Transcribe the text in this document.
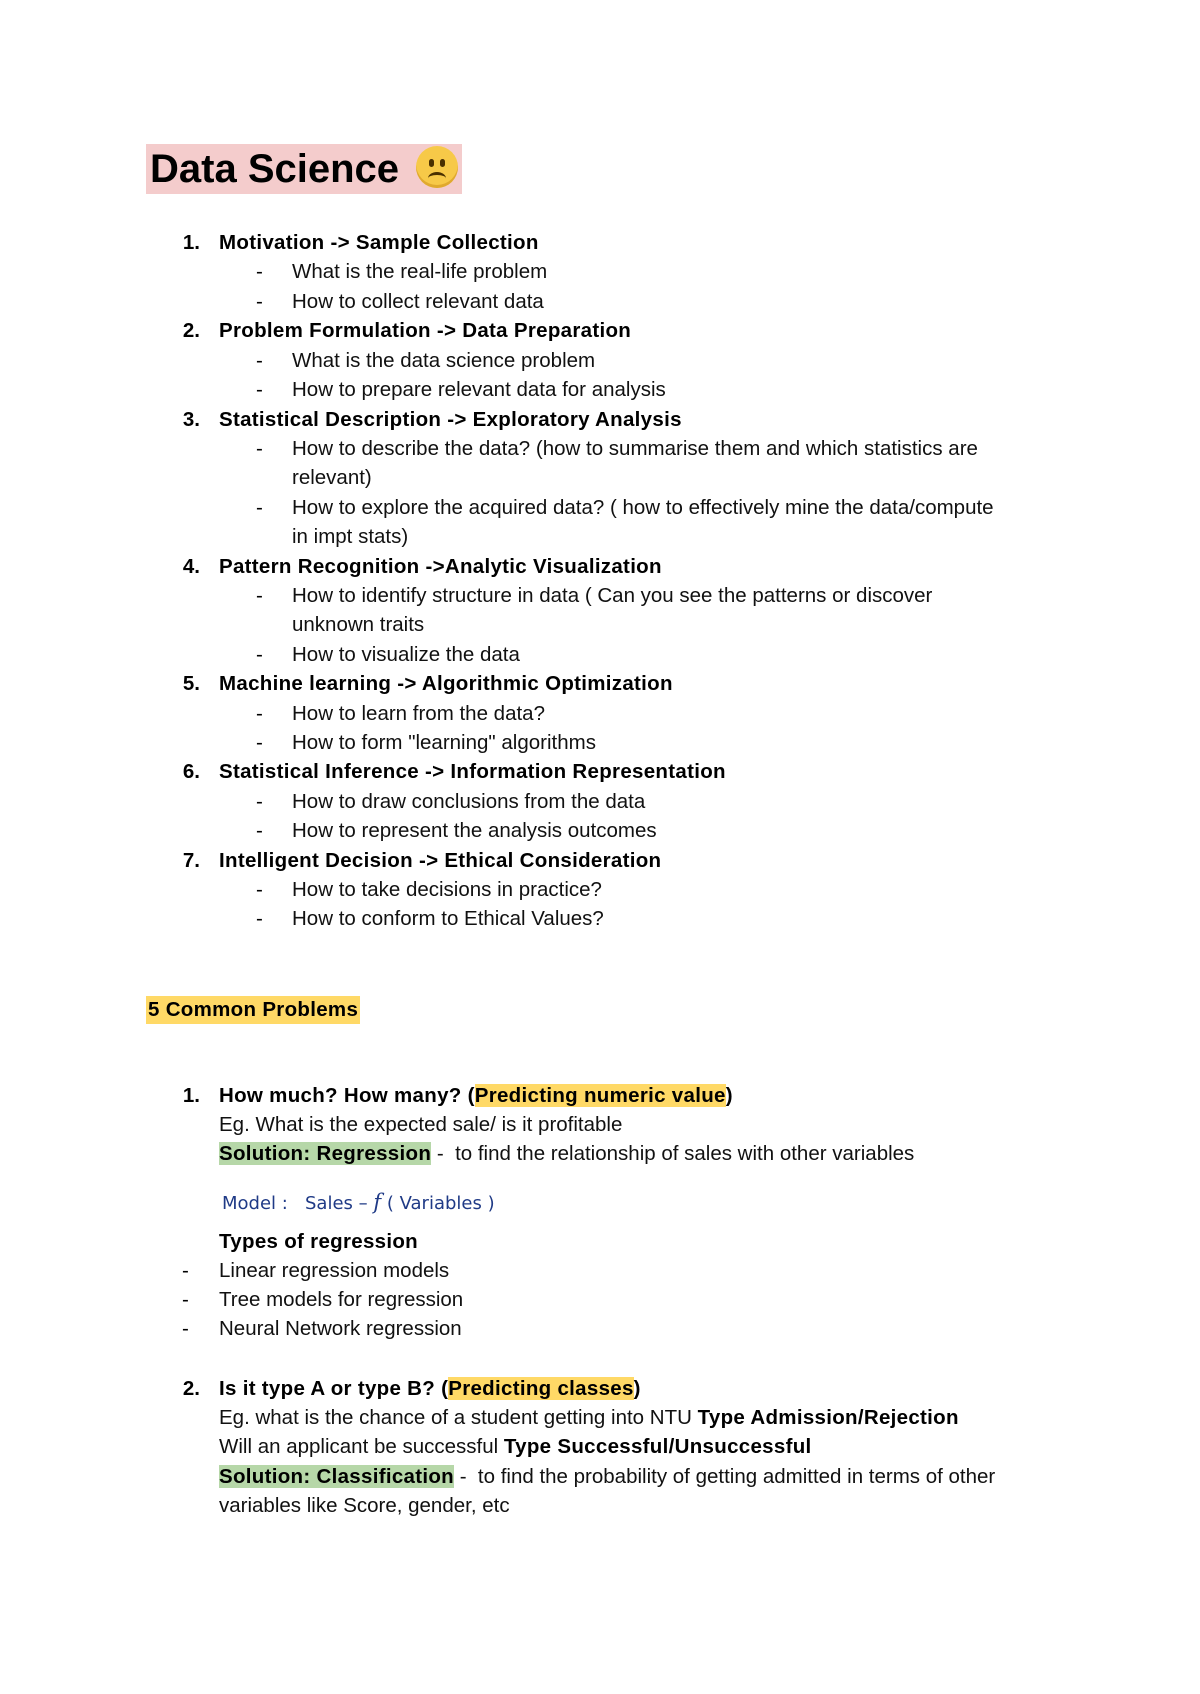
Data Science
1. Motivation -> Sample Collection
- What is the real-life problem
- How to collect relevant data
2. Problem Formulation -> Data Preparation
- What is the data science problem
- How to prepare relevant data for analysis
3. Statistical Description -> Exploratory Analysis
- How to describe the data? (how to summarise them and which statistics are
relevant)
- How to explore the acquired data? ( how to effectively mine the data/compute
in impt stats)
4. Pattern Recognition ->Analytic Visualization
- How to identify structure in data ( Can you see the patterns or discover
unknown traits
- How to visualize the data
5. Machine learning -> Algorithmic Optimization
- How to learn from the data?
- How to form "learning" algorithms
6. Statistical Inference -> Information Representation
- How to draw conclusions from the data
- How to represent the analysis outcomes
7. Intelligent Decision -> Ethical Consideration
- How to take decisions in practice?
- How to conform to Ethical Values?
5 Common Problems
1. How much? How many? (Predicting numeric value)
Eg. What is the expected sale/ is it profitable
Solution: Regression -  to find the relationship of sales with other variables
Model :   Sales – f ( Variables )
Types of regression
- Linear regression models
- Tree models for regression
- Neural Network regression
2. Is it type A or type B? (Predicting classes)
Eg. what is the chance of a student getting into NTU Type Admission/Rejection
Will an applicant be successful Type Successful/Unsuccessful
Solution: Classification -  to find the probability of getting admitted in terms of other
variables like Score, gender, etc
